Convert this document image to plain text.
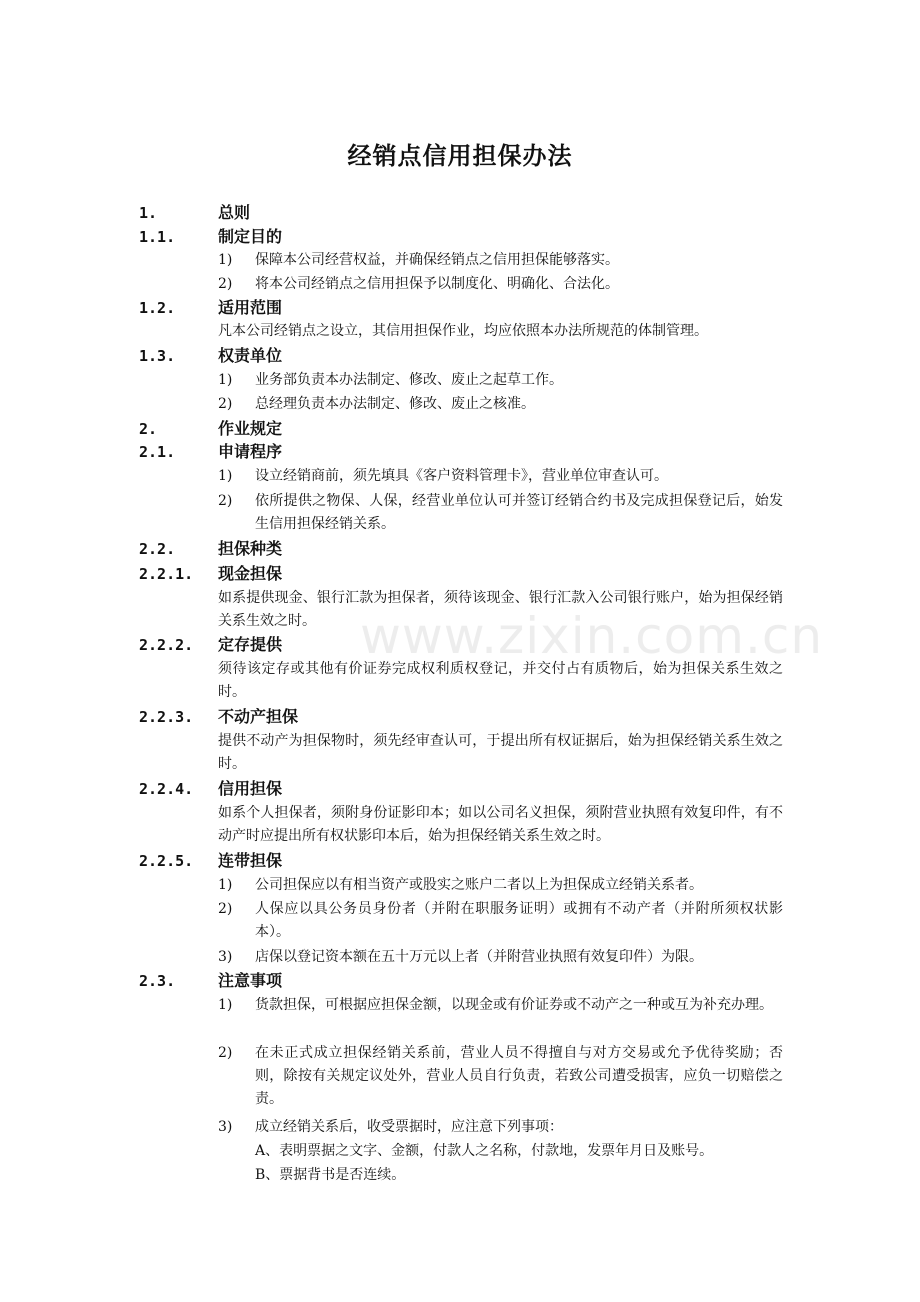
经销点信用担保办法
1.	总则
1.1.	制定目的
1) 保障本公司经营权益，并确保经销点之信用担保能够落实。
2) 将本公司经销点之信用担保予以制度化、明确化、合法化。
1.2.	适用范围
凡本公司经销点之设立，其信用担保作业，均应依照本办法所规范的体制管理。
1.3.	权责单位
1) 业务部负责本办法制定、修改、废止之起草工作。
2) 总经理负责本办法制定、修改、废止之核准。
2.	作业规定
2.1.	申请程序
1) 设立经销商前，须先填具《客户资料管理卡》，营业单位审查认可。
2) 依所提供之物保、人保，经营业单位认可并签订经销合约书及完成担保登记后，始发生信用担保经销关系。
2.2.	担保种类
2.2.1. 现金担保
如系提供现金、银行汇款为担保者，须待该现金、银行汇款入公司银行账户，始为担保经销关系生效之时。
2.2.2. 定存提供
须待该定存或其他有价证券完成权利质权登记，并交付占有质物后，始为担保关系生效之时。
2.2.3. 不动产担保
提供不动产为担保物时，须先经审查认可，于提出所有权证据后，始为担保经销关系生效之时。
2.2.4. 信用担保
如系个人担保者，须附身份证影印本；如以公司名义担保，须附营业执照有效复印件，有不动产时应提出所有权状影印本后，始为担保经销关系生效之时。
2.2.5. 连带担保
1) 公司担保应以有相当资产或股实之账户二者以上为担保成立经销关系者。
2) 人保应以具公务员身份者（并附在职服务证明）或拥有不动产者（并附所须权状影本）。
3) 店保以登记资本额在五十万元以上者（并附营业执照有效复印件）为限。
2.3.	注意事项
1) 货款担保，可根据应担保金额，以现金或有价证券或不动产之一种或互为补充办理。
2) 在未正式成立担保经销关系前，营业人员不得擅自与对方交易或允予优待奖励；否则，除按有关规定议处外，营业人员自行负责，若致公司遭受损害，应负一切赔偿之责。
3) 成立经销关系后，收受票据时，应注意下列事项：
A、表明票据之文字、金额，付款人之名称，付款地，发票年月日及账号。
B、票据背书是否连续。
www.zixin.com.cn
